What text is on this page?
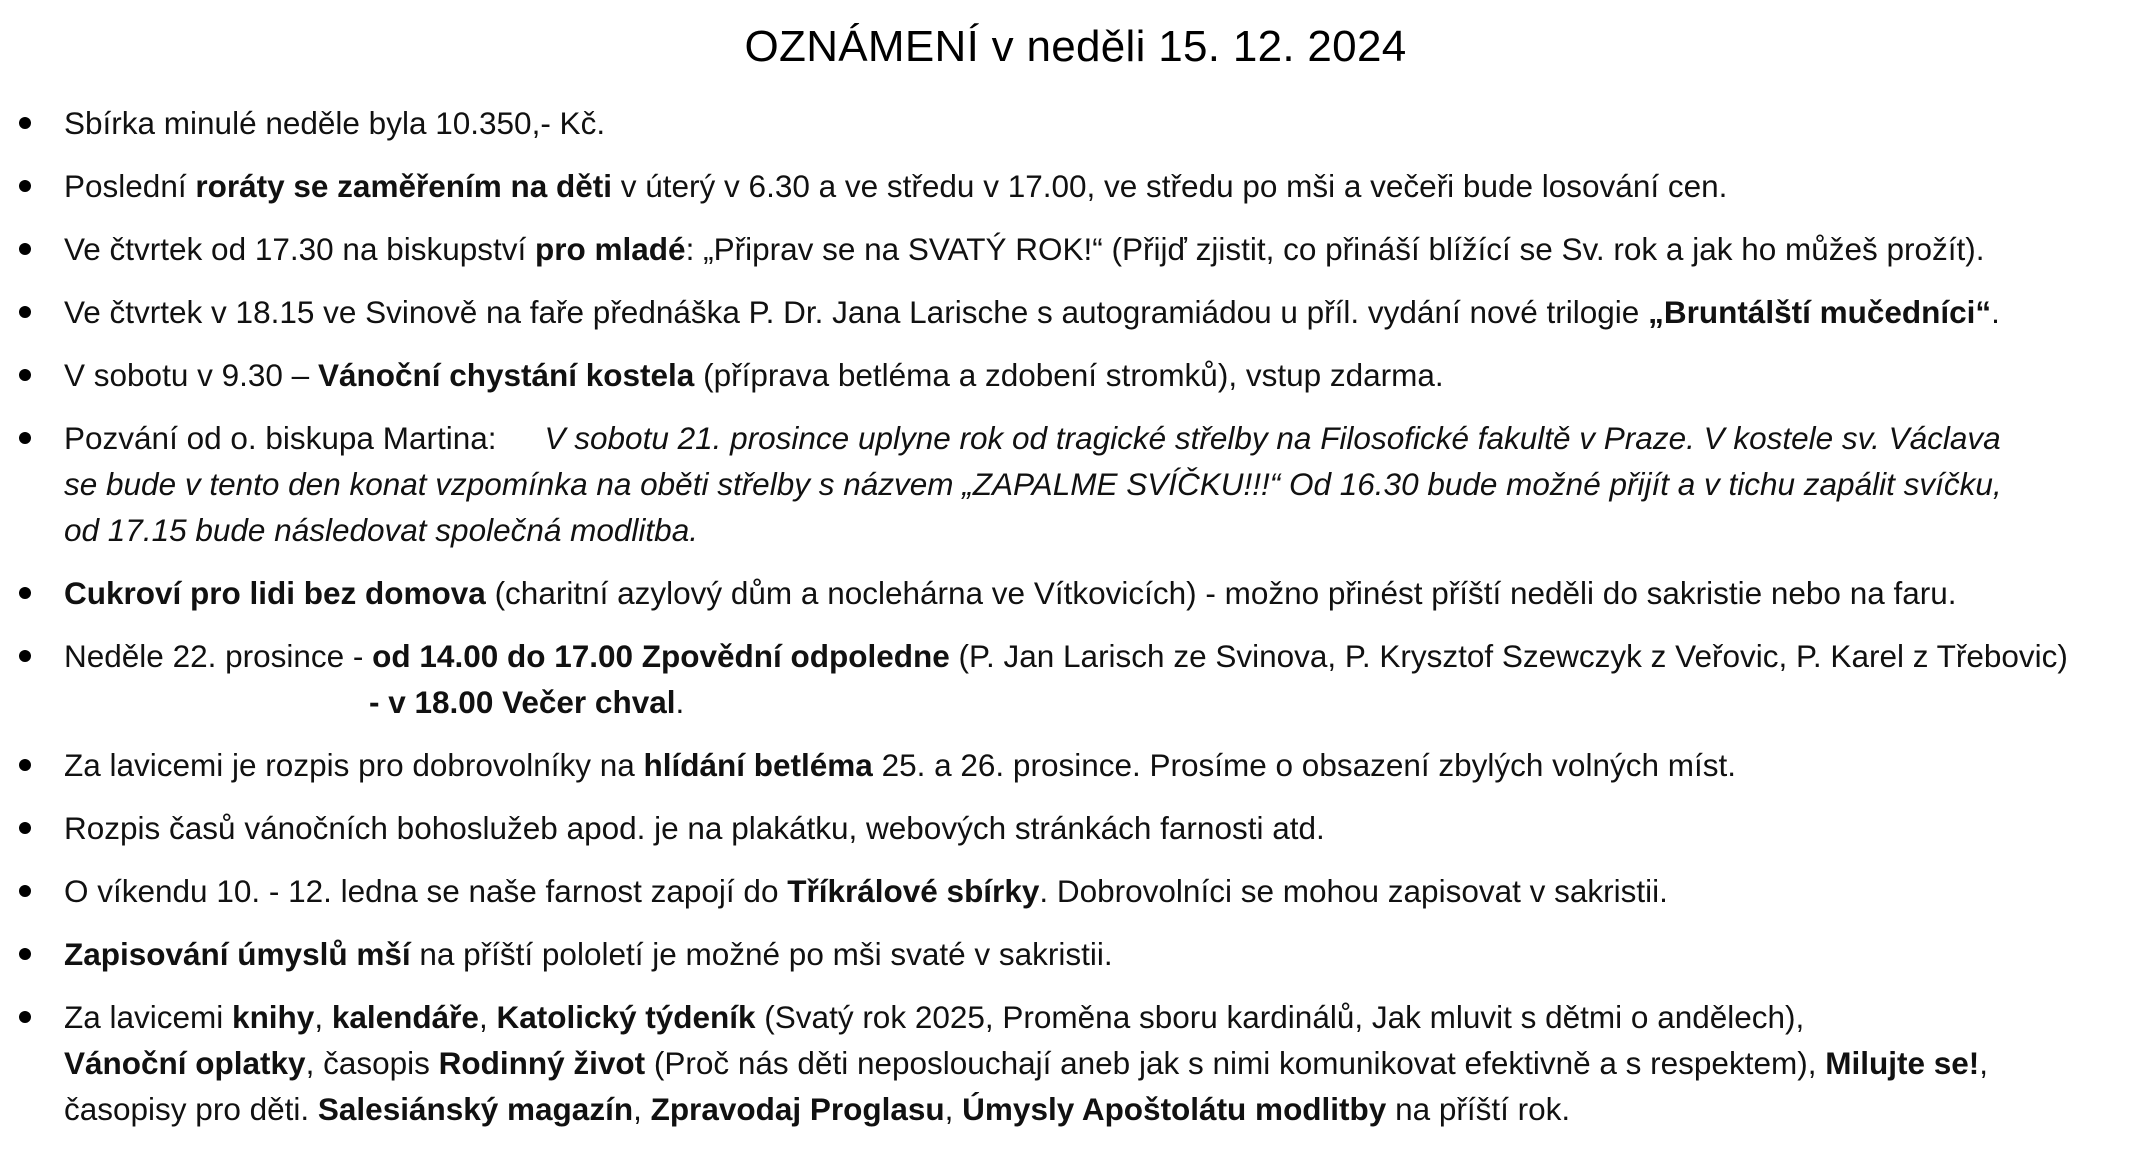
OZNÁMENÍ v neděli 15. 12. 2024
Sbírka minulé neděle byla 10.350,- Kč.
Poslední roráty se zaměřením na děti v úterý v 6.30 a ve středu v 17.00, ve středu po mši a večeři bude losování cen.
Ve čtvrtek od 17.30 na biskupství pro mladé: „Připrav se na SVATÝ ROK!“ (Přijď zjistit, co přináší blížící se Sv. rok a jak ho můžeš prožít).
Ve čtvrtek v 18.15 ve Svinově na faře přednáška P. Dr. Jana Larische s autogramiádou u příl. vydání nové trilogie „Bruntálští mučedníci“.
V sobotu v 9.30 – Vánoční chystání kostela (příprava betléma a zdobení stromků), vstup zdarma.
Pozvání od o. biskupa Martina: V sobotu 21. prosince uplyne rok od tragické střelby na Filosofické fakultě v Praze. V kostele sv. Václava
se bude v tento den konat vzpomínka na oběti střelby s názvem „ZAPALME SVÍČKU!!!“ Od 16.30 bude možné přijít a v tichu zapálit svíčku,
od 17.15 bude následovat společná modlitba.
Cukroví pro lidi bez domova (charitní azylový dům a noclehárna ve Vítkovicích) - možno přinést příští neděli do sakristie nebo na faru.
Neděle 22. prosince - od 14.00 do 17.00 Zpovědní odpoledne (P. Jan Larisch ze Svinova, P. Krysztof Szewczyk z Veřovic, P. Karel z Třebovic)
- v 18.00 Večer chval.
Za lavicemi je rozpis pro dobrovolníky na hlídání betléma 25. a 26. prosince. Prosíme o obsazení zbylých volných míst.
Rozpis časů vánočních bohoslužeb apod. je na plakátku, webových stránkách farnosti atd.
O víkendu 10. - 12. ledna se naše farnost zapojí do Tříkrálové sbírky. Dobrovolníci se mohou zapisovat v sakristii.
Zapisování úmyslů mší na příští pololetí je možné po mši svaté v sakristii.
Za lavicemi knihy, kalendáře, Katolický týdeník (Svatý rok 2025, Proměna sboru kardinálů, Jak mluvit s dětmi o andělech),
Vánoční oplatky, časopis Rodinný život (Proč nás děti neposlouchají aneb jak s nimi komunikovat efektivně a s respektem), Milujte se!,
časopisy pro děti. Salesiánský magazín, Zpravodaj Proglasu, Úmysly Apoštolátu modlitby na příští rok.
